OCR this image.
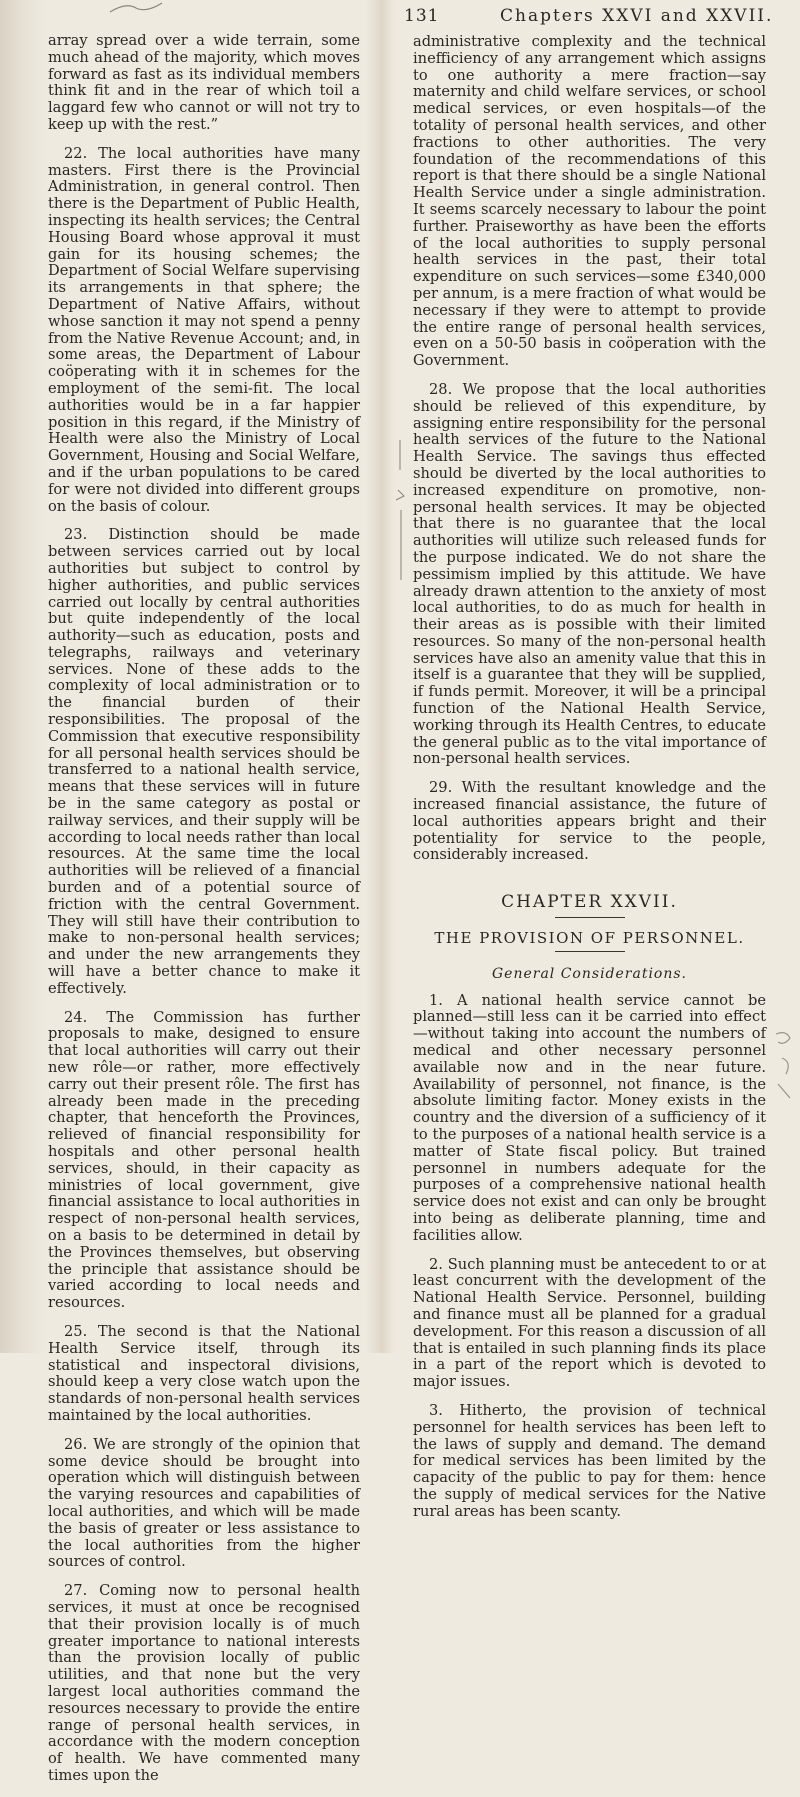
131	Chapters XXVI and XXVII.

array spread over a wide terrain, some much ahead of the majority, which moves forward as fast as its individual members think fit and in the rear of which toil a laggard few who cannot or will not try to keep up with the rest.”

22. The local authorities have many masters. First there is the Provincial Administration, in general control. Then there is the Department of Public Health, inspecting its health services; the Central Housing Board whose approval it must gain for its housing schemes; the Department of Social Welfare supervising its arrangements in that sphere; the Department of Native Affairs, without whose sanction it may not spend a penny from the Native Revenue Account; and, in some areas, the Department of Labour coöperating with it in schemes for the employment of the semi-fit. The local authorities would be in a far happier position in this regard, if the Ministry of Health were also the Ministry of Local Government, Housing and Social Welfare, and if the urban populations to be cared for were not divided into different groups on the basis of colour.

23. Distinction should be made between services carried out by local authorities but subject to control by higher authorities, and public services carried out locally by central authorities but quite independently of the local authority—such as education, posts and telegraphs, railways and veterinary services. None of these adds to the complexity of local administration or to the financial burden of their responsibilities. The proposal of the Commission that executive responsibility for all personal health services should be transferred to a national health service, means that these services will in future be in the same category as postal or railway services, and their supply will be according to local needs rather than local resources. At the same time the local authorities will be relieved of a financial burden and of a potential source of friction with the central Government. They will still have their contribution to make to non-personal health services; and under the new arrangements they will have a better chance to make it effectively.

24. The Commission has further proposals to make, designed to ensure that local authorities will carry out their new rôle—or rather, more effectively carry out their present rôle. The first has already been made in the preceding chapter, that henceforth the Provinces, relieved of financial responsibility for hospitals and other personal health services, should, in their capacity as ministries of local government, give financial assistance to local authorities in respect of non-personal health services, on a basis to be determined in detail by the Provinces themselves, but observing the principle that assistance should be varied according to local needs and resources.

25. The second is that the National Health Service itself, through its statistical and inspectoral divisions, should keep a very close watch upon the standards of non-personal health services maintained by the local authorities.

26. We are strongly of the opinion that some device should be brought into operation which will distinguish between the varying resources and capabilities of local authorities, and which will be made the basis of greater or less assistance to the local authorities from the higher sources of control.

27. Coming now to personal health services, it must at once be recognised that their provision locally is of much greater importance to national interests than the provision locally of public utilities, and that none but the very largest local authorities command the resources necessary to provide the entire range of personal health services, in accordance with the modern conception of health. We have commented many times upon the

administrative complexity and the technical inefficiency of any arrangement which assigns to one authority a mere fraction—say maternity and child welfare services, or school medical services, or even hospitals—of the totality of personal health services, and other fractions to other authorities. The very foundation of the recommendations of this report is that there should be a single National Health Service under a single administration. It seems scarcely necessary to labour the point further. Praiseworthy as have been the efforts of the local authorities to supply personal health services in the past, their total expenditure on such services—some £340,000 per annum, is a mere fraction of what would be necessary if they were to attempt to provide the entire range of personal health services, even on a 50-50 basis in coöperation with the Government.

28. We propose that the local authorities should be relieved of this expenditure, by assigning entire responsibility for the personal health services of the future to the National Health Service. The savings thus effected should be diverted by the local authorities to increased expenditure on promotive, non-personal health services. It may be objected that there is no guarantee that the local authorities will utilize such released funds for the purpose indicated. We do not share the pessimism implied by this attitude. We have already drawn attention to the anxiety of most local authorities, to do as much for health in their areas as is possible with their limited resources. So many of the non-personal health services have also an amenity value that this in itself is a guarantee that they will be supplied, if funds permit. Moreover, it will be a principal function of the National Health Service, working through its Health Centres, to educate the general public as to the vital importance of non-personal health services.

29. With the resultant knowledge and the increased financial assistance, the future of local authorities appears bright and their potentiality for service to the people, considerably increased.

CHAPTER XXVII.
THE PROVISION OF PERSONNEL.
General Considerations.

1. A national health service cannot be planned—still less can it be carried into effect—without taking into account the numbers of medical and other necessary personnel available now and in the near future. Availability of personnel, not finance, is the absolute limiting factor. Money exists in the country and the diversion of a sufficiency of it to the purposes of a national health service is a matter of State fiscal policy. But trained personnel in numbers adequate for the purposes of a comprehensive national health service does not exist and can only be brought into being as deliberate planning, time and facilities allow.

2. Such planning must be antecedent to or at least concurrent with the development of the National Health Service. Personnel, building and finance must all be planned for a gradual development. For this reason a discussion of all that is entailed in such planning finds its place in a part of the report which is devoted to major issues.

3. Hitherto, the provision of technical personnel for health services has been left to the laws of supply and demand. The demand for medical services has been limited by the capacity of the public to pay for them: hence the supply of medical services for the Native rural areas has been scanty.
